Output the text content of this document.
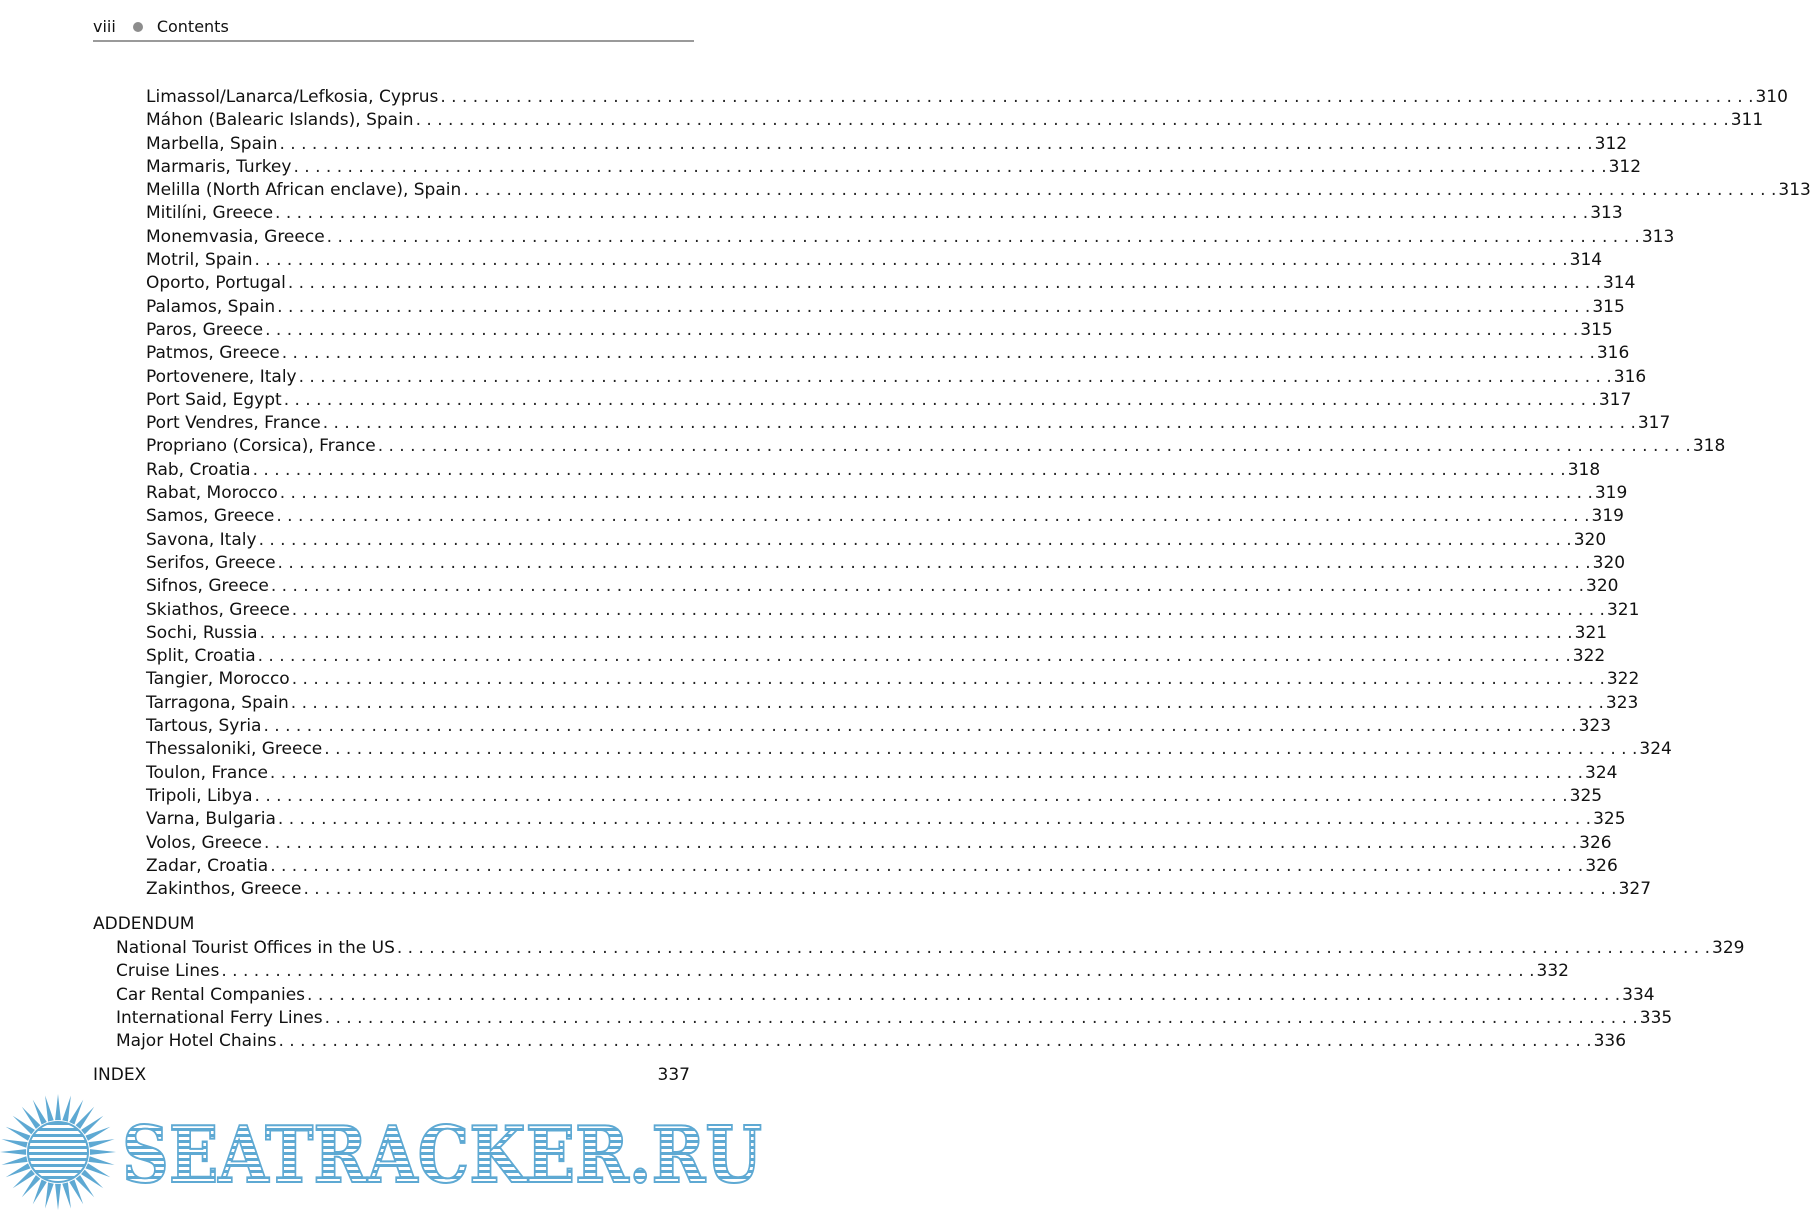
viii	Contents
Limassol/Lanarca/Lefkosia, Cyprus . . .	310
Máhon (Balearic Islands), Spain . . .	311
Marbella, Spain . . .	312
Marmaris, Turkey . . .	312
Melilla (North African enclave), Spain . . .	313
Mitilíni, Greece . . .	313
Monemvasia, Greece . . .	313
Motril, Spain . . .	314
Oporto, Portugal . . .	314
Palamos, Spain . . .	315
Paros, Greece . . .	315
Patmos, Greece . . .	316
Portovenere, Italy . . .	316
Port Said, Egypt . . .	317
Port Vendres, France . . .	317
Propriano (Corsica), France . . .	318
Rab, Croatia . . .	318
Rabat, Morocco . . .	319
Samos, Greece . . .	319
Savona, Italy . . .	320
Serifos, Greece . . .	320
Sifnos, Greece . . .	320
Skiathos, Greece . . .	321
Sochi, Russia . . .	321
Split, Croatia . . .	322
Tangier, Morocco . . .	322
Tarragona, Spain . . .	323
Tartous, Syria . . .	323
Thessaloniki, Greece . . .	324
Toulon, France . . .	324
Tripoli, Libya . . .	325
Varna, Bulgaria . . .	325
Volos, Greece . . .	326
Zadar, Croatia . . .	326
Zakinthos, Greece . . .	327
ADDENDUM
National Tourist Offices in the US . . .	329
Cruise Lines . . .	332
Car Rental Companies . . .	334
International Ferry Lines . . .	335
Major Hotel Chains . . .	336
INDEX	337
SEATRACKER.RU
